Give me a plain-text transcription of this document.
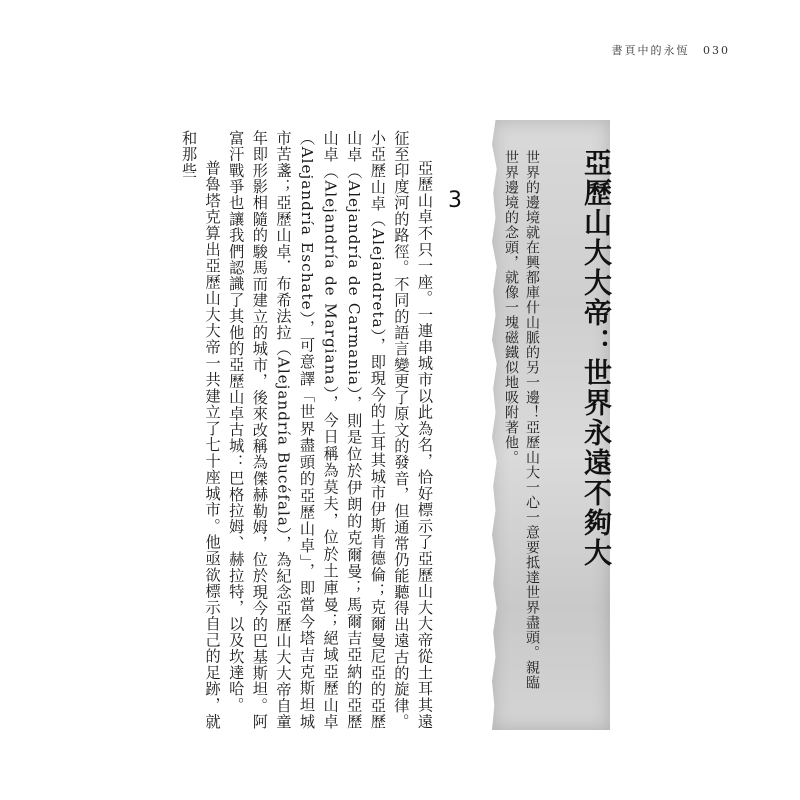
書頁中的永恆 030
亞歷山大大帝：世界永遠不夠大
世界的邊境就在興都庫什山脈的另一邊！亞歷山大一心一意要抵達世界盡頭。親臨
世界邊境的念頭，就像一塊磁鐵似地吸附著他。
3

亞歷山卓不只一座。一連串城市以此為名，恰好標示了亞歷山大大帝從土耳其遠征至印度河的路徑。不同的語言變更了原文的發音，但通常仍能聽得出遠古的旋律。小亞歷山卓（Alejandreta），即現今的土耳其城市伊斯肯德倫；克爾曼尼亞的亞歷山卓（Alejandría de Carmania），則是位於伊朗的克爾曼；馬爾吉亞納的亞歷山卓（Alejandría de Margiana），今日稱為莫夫，位於土庫曼；絕域亞歷山卓（Alejandría Eschate），可意譯「世界盡頭的亞歷山卓」，即當今塔吉克斯坦城市苦盞；亞歷山卓．布希法拉（Alejandría Bucéfala），為紀念亞歷山大大帝自童年即形影相隨的駿馬而建立的城市，後來改稱為傑赫勒姆，位於現今的巴基斯坦。阿富汗戰爭也讓我們認識了其他的亞歷山卓古城：巴格拉姆、赫拉特，以及坎達哈。

普魯塔克算出亞歷山大大帝一共建立了七十座城市。他亟欲標示自己的足跡，就和那些
